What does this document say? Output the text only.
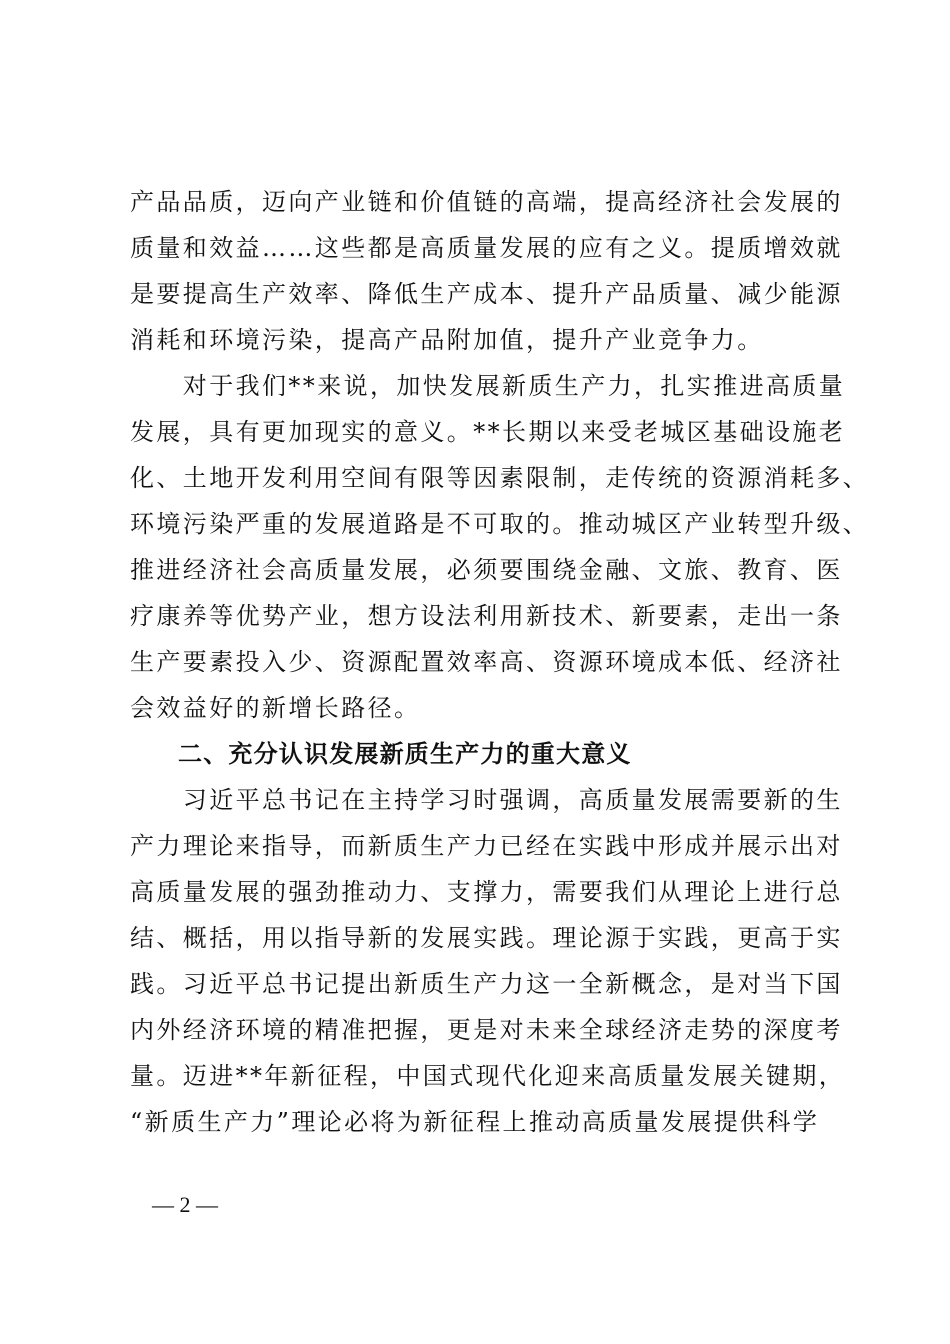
产品品质，迈向产业链和价值链的高端，提高经济社会发展的
质量和效益……这些都是高质量发展的应有之义。提质增效就
是要提高生产效率、降低生产成本、提升产品质量、减少能源
消耗和环境污染，提高产品附加值，提升产业竞争力。
　　对于我们**来说，加快发展新质生产力，扎实推进高质量
发展，具有更加现实的意义。**长期以来受老城区基础设施老
化、土地开发利用空间有限等因素限制，走传统的资源消耗多、
环境污染严重的发展道路是不可取的。推动城区产业转型升级、
推进经济社会高质量发展，必须要围绕金融、文旅、教育、医
疗康养等优势产业，想方设法利用新技术、新要素，走出一条
生产要素投入少、资源配置效率高、资源环境成本低、经济社
会效益好的新增长路径。
二、充分认识发展新质生产力的重大意义
　　习近平总书记在主持学习时强调，高质量发展需要新的生
产力理论来指导，而新质生产力已经在实践中形成并展示出对
高质量发展的强劲推动力、支撑力，需要我们从理论上进行总
结、概括，用以指导新的发展实践。理论源于实践，更高于实
践。习近平总书记提出新质生产力这一全新概念，是对当下国
内外经济环境的精准把握，更是对未来全球经济走势的深度考
量。迈进**年新征程，中国式现代化迎来高质量发展关键期，
“新质生产力”理论必将为新征程上推动高质量发展提供科学
— 2 —
